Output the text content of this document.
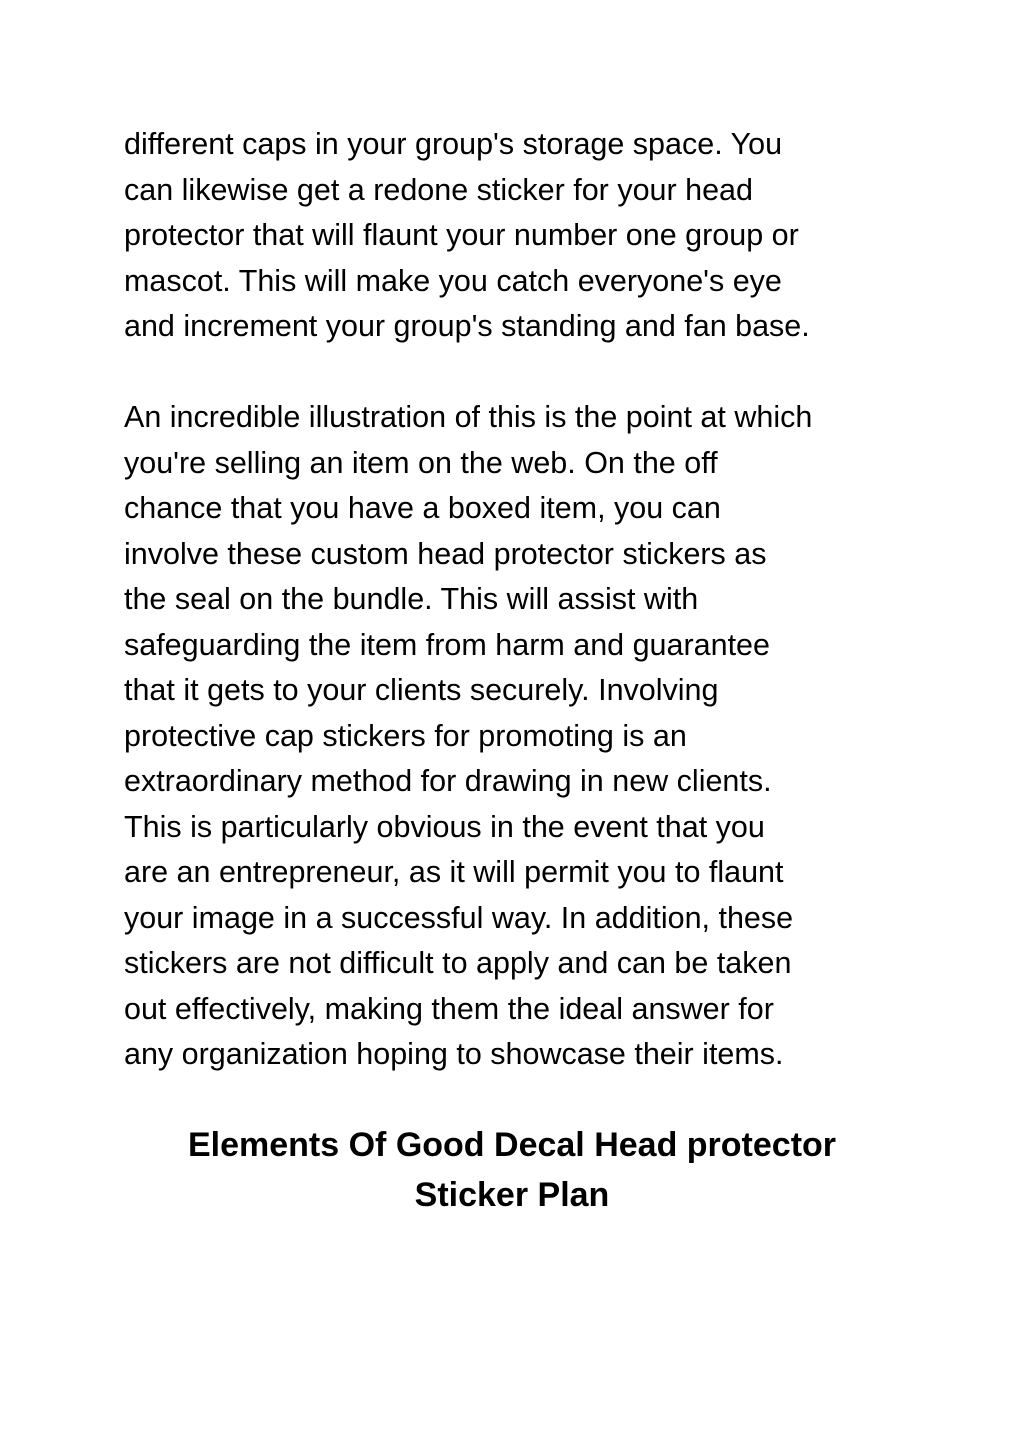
different caps in your group's storage space. You
can likewise get a redone sticker for your head
protector that will flaunt your number one group or
mascot. This will make you catch everyone's eye
and increment your group's standing and fan base.
An incredible illustration of this is the point at which
you're selling an item on the web. On the off
chance that you have a boxed item, you can
involve these custom head protector stickers as
the seal on the bundle. This will assist with
safeguarding the item from harm and guarantee
that it gets to your clients securely. Involving
protective cap stickers for promoting is an
extraordinary method for drawing in new clients.
This is particularly obvious in the event that you
are an entrepreneur, as it will permit you to flaunt
your image in a successful way. In addition, these
stickers are not difficult to apply and can be taken
out effectively, making them the ideal answer for
any organization hoping to showcase their items.
Elements Of Good Decal Head protector
Sticker Plan
